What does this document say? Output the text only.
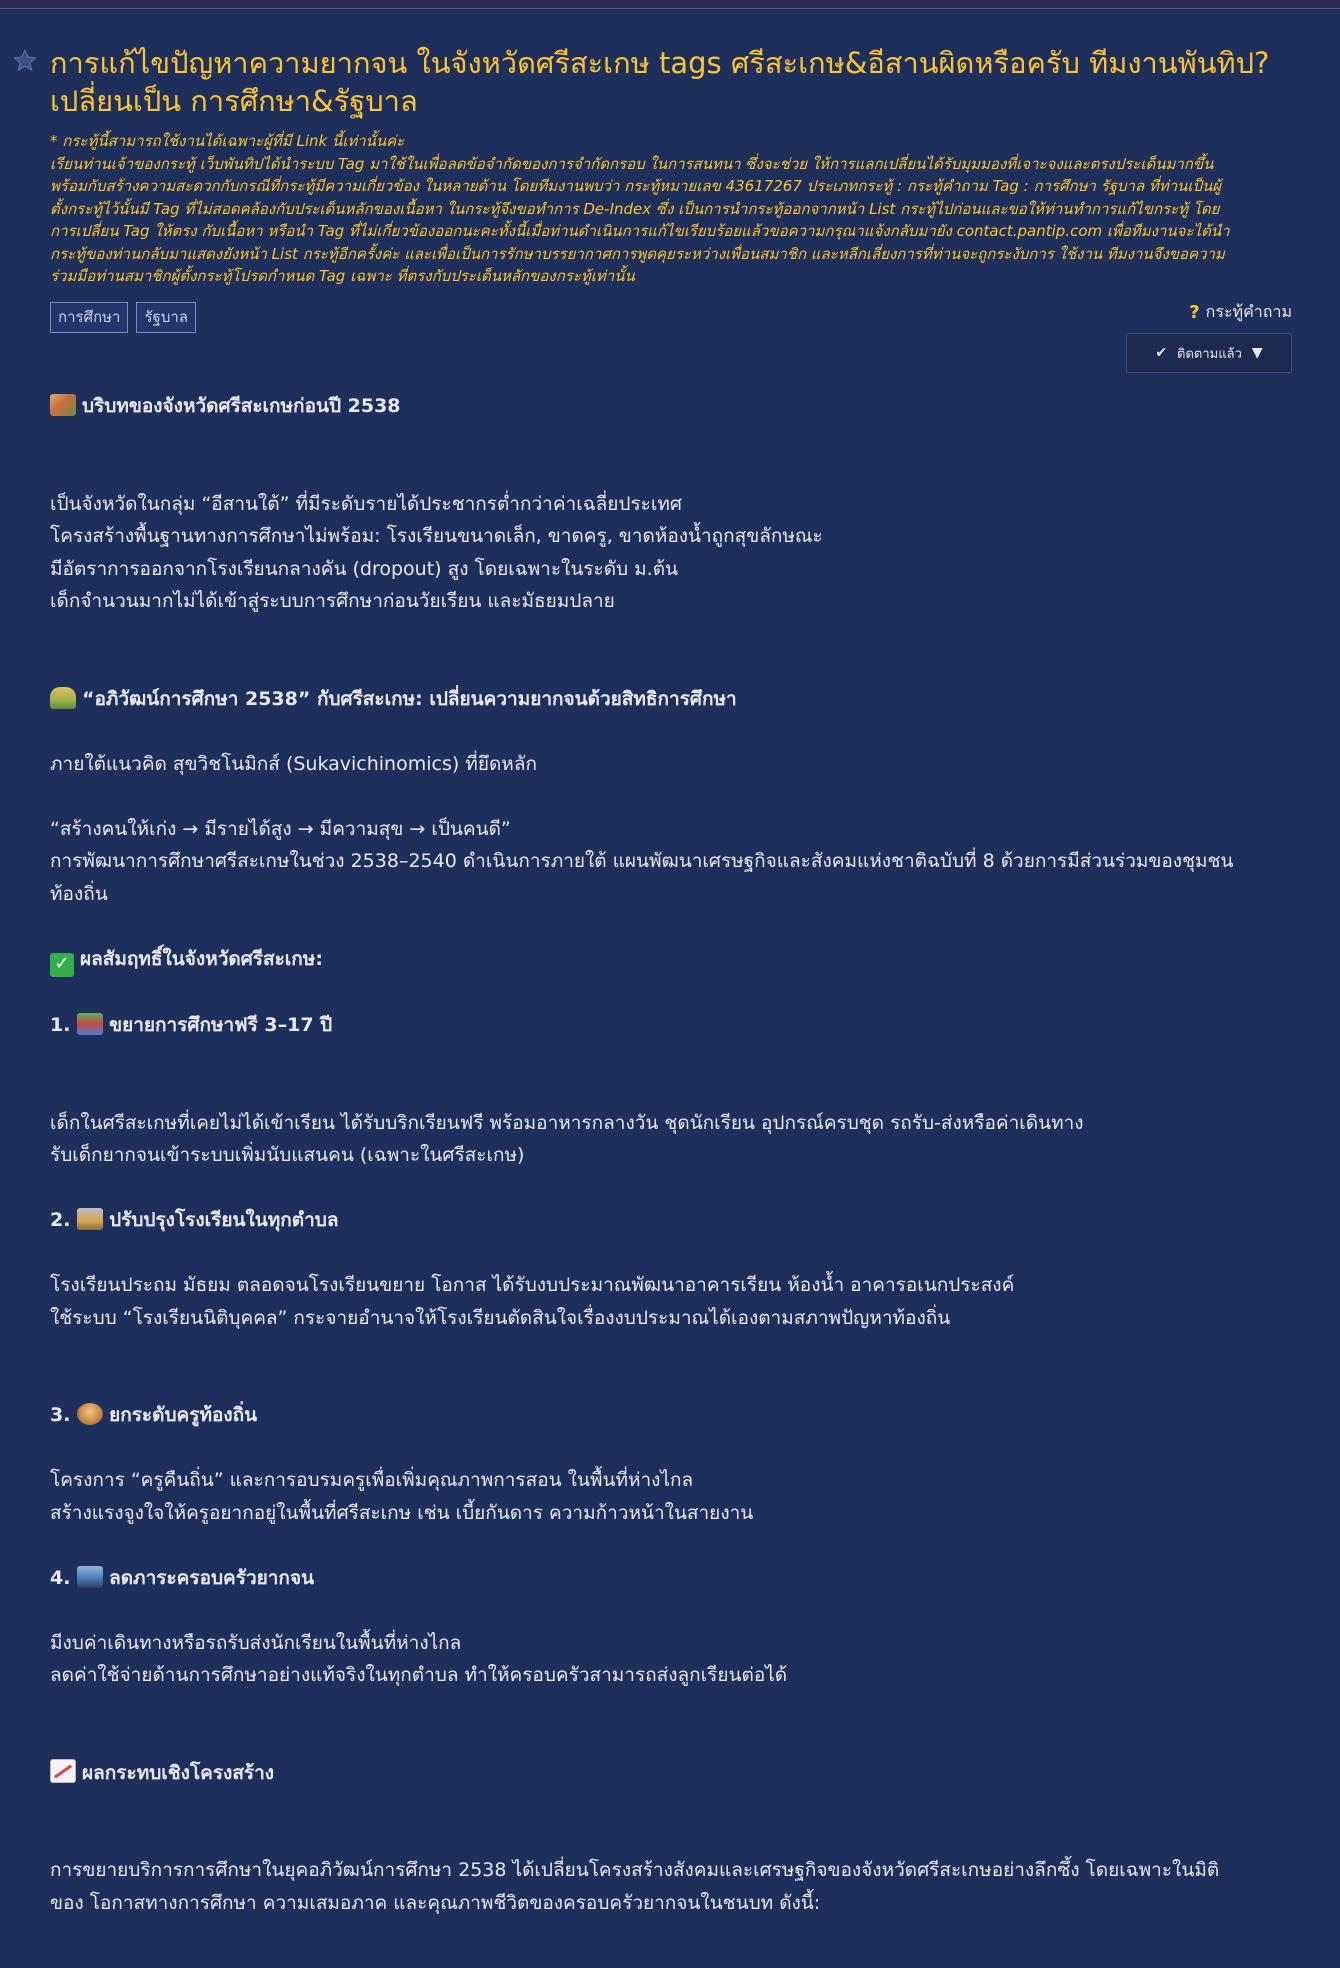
การแก้ไขปัญหาความยากจน ในจังหวัดศรีสะเกษ tags ศรีสะเกษ&อีสานผิดหรือครับ ทีมงานพันทิป? เปลี่ยนเป็น การศึกษา&รัฐบาล

* กระทู้นี้สามารถใช้งานได้เฉพาะผู้ที่มี Link นี้เท่านั้นค่ะ

เรียนท่านเจ้าของกระทู้ เว็บพันทิปได้นำระบบ Tag มาใช้ในเพื่อลดข้อจำกัดของการจำกัดกรอบ ในการสนทนา ซึ่งจะช่วย ให้การแลกเปลี่ยนได้รับมุมมองที่เจาะจงและตรงประเด็นมากขึ้น

พร้อมกับสร้างความสะดวกกับกรณีที่กระทู้มีความเกี่ยวข้อง ในหลายด้าน โดยทีมงานพบว่า กระทู้หมายเลข 43617267 ประเภทกระทู้ : กระทู้คำถาม Tag : การศึกษา รัฐบาล ที่ท่านเป็นผู้

ตั้งกระทู้ไว้นั้นมี Tag ที่ไม่สอดคล้องกับประเด็นหลักของเนื้อหา ในกระทู้จึงขอทำการ De-Index ซึ่ง เป็นการนำกระทู้ออกจากหน้า List กระทู้ไปก่อนและขอให้ท่านทำการแก้ไขกระทู้ โดย

การเปลี่ยน Tag ให้ตรง กับเนื้อหา หรือนำ Tag ที่ไม่เกี่ยวข้องออกนะคะทั้งนี้เมื่อท่านดำเนินการแก้ไขเรียบร้อยแล้วขอความกรุณาแจ้งกลับมายัง contact.pantip.com เพื่อทีมงานจะได้นำ

กระทู้ของท่านกลับมาแสดงยังหน้า List กระทู้อีกครั้งค่ะ และเพื่อเป็นการรักษาบรรยากาศการพูดคุยระหว่างเพื่อนสมาชิก และหลีกเลี่ยงการที่ท่านจะถูกระงับการ ใช้งาน ทีมงานจึงขอความ

ร่วมมือท่านสมาชิกผู้ตั้งกระทู้โปรดกำหนด Tag เฉพาะ ที่ตรงกับประเด็นหลักของกระทู้เท่านั้น

การศึกษา	รัฐบาล	? กระทู้คำถาม
✔ ติดตามแล้ว ▼

บริบทของจังหวัดศรีสะเกษก่อนปี 2538

เป็นจังหวัดในกลุ่ม “อีสานใต้” ที่มีระดับรายได้ประชากรต่ำกว่าค่าเฉลี่ยประเทศ

โครงสร้างพื้นฐานทางการศึกษาไม่พร้อม: โรงเรียนขนาดเล็ก, ขาดครู, ขาดห้องน้ำถูกสุขลักษณะ

มีอัตราการออกจากโรงเรียนกลางคัน (dropout) สูง โดยเฉพาะในระดับ ม.ต้น

เด็กจำนวนมากไม่ได้เข้าสู่ระบบการศึกษาก่อนวัยเรียน และมัธยมปลาย

“อภิวัฒน์การศึกษา 2538” กับศรีสะเกษ: เปลี่ยนความยากจนด้วยสิทธิการศึกษา

ภายใต้แนวคิด สุขวิชโนมิกส์ (Sukavichinomics) ที่ยึดหลัก

“สร้างคนให้เก่ง → มีรายได้สูง → มีความสุข → เป็นคนดี”

การพัฒนาการศึกษาศรีสะเกษในช่วง 2538–2540 ดำเนินการภายใต้ แผนพัฒนาเศรษฐกิจและสังคมแห่งชาติฉบับที่ 8 ด้วยการมีส่วนร่วมของชุมชน

ท้องถิ่น

✓ ผลสัมฤทธิ์ในจังหวัดศรีสะเกษ:

1. ขยายการศึกษาฟรี 3–17 ปี

เด็กในศรีสะเกษที่เคยไม่ได้เข้าเรียน ได้รับบริกเรียนฟรี พร้อมอาหารกลางวัน ชุดนักเรียน อุปกรณ์ครบชุด รถรับ-ส่งหรือค่าเดินทาง

รับเด็กยากจนเข้าระบบเพิ่มนับแสนคน (เฉพาะในศรีสะเกษ)

2. ปรับปรุงโรงเรียนในทุกตำบล

โรงเรียนประถม มัธยม ตลอดจนโรงเรียนขยาย โอกาส ได้รับงบประมาณพัฒนาอาคารเรียน ห้องน้ำ อาคารอเนกประสงค์

ใช้ระบบ “โรงเรียนนิติบุคคล” กระจายอำนาจให้โรงเรียนตัดสินใจเรื่องงบประมาณได้เองตามสภาพปัญหาท้องถิ่น

3. ยกระดับครูท้องถิ่น

โครงการ “ครูคืนถิ่น” และการอบรมครูเพื่อเพิ่มคุณภาพการสอน ในพื้นที่ห่างไกล

สร้างแรงจูงใจให้ครูอยากอยู่ในพื้นที่ศรีสะเกษ เช่น เบี้ยกันดาร ความก้าวหน้าในสายงาน

4. ลดภาระครอบครัวยากจน

มีงบค่าเดินทางหรือรถรับส่งนักเรียนในพื้นที่ห่างไกล

ลดค่าใช้จ่ายด้านการศึกษาอย่างแท้จริงในทุกตำบล ทำให้ครอบครัวสามารถส่งลูกเรียนต่อได้

ผลกระทบเชิงโครงสร้าง

การขยายบริการการศึกษาในยุคอภิวัฒน์การศึกษา 2538 ได้เปลี่ยนโครงสร้างสังคมและเศรษฐกิจของจังหวัดศรีสะเกษอย่างลึกซึ้ง โดยเฉพาะในมิติ

ของ โอกาสทางการศึกษา ความเสมอภาค และคุณภาพชีวิตของครอบครัวยากจนในชนบท ดังนี้:
